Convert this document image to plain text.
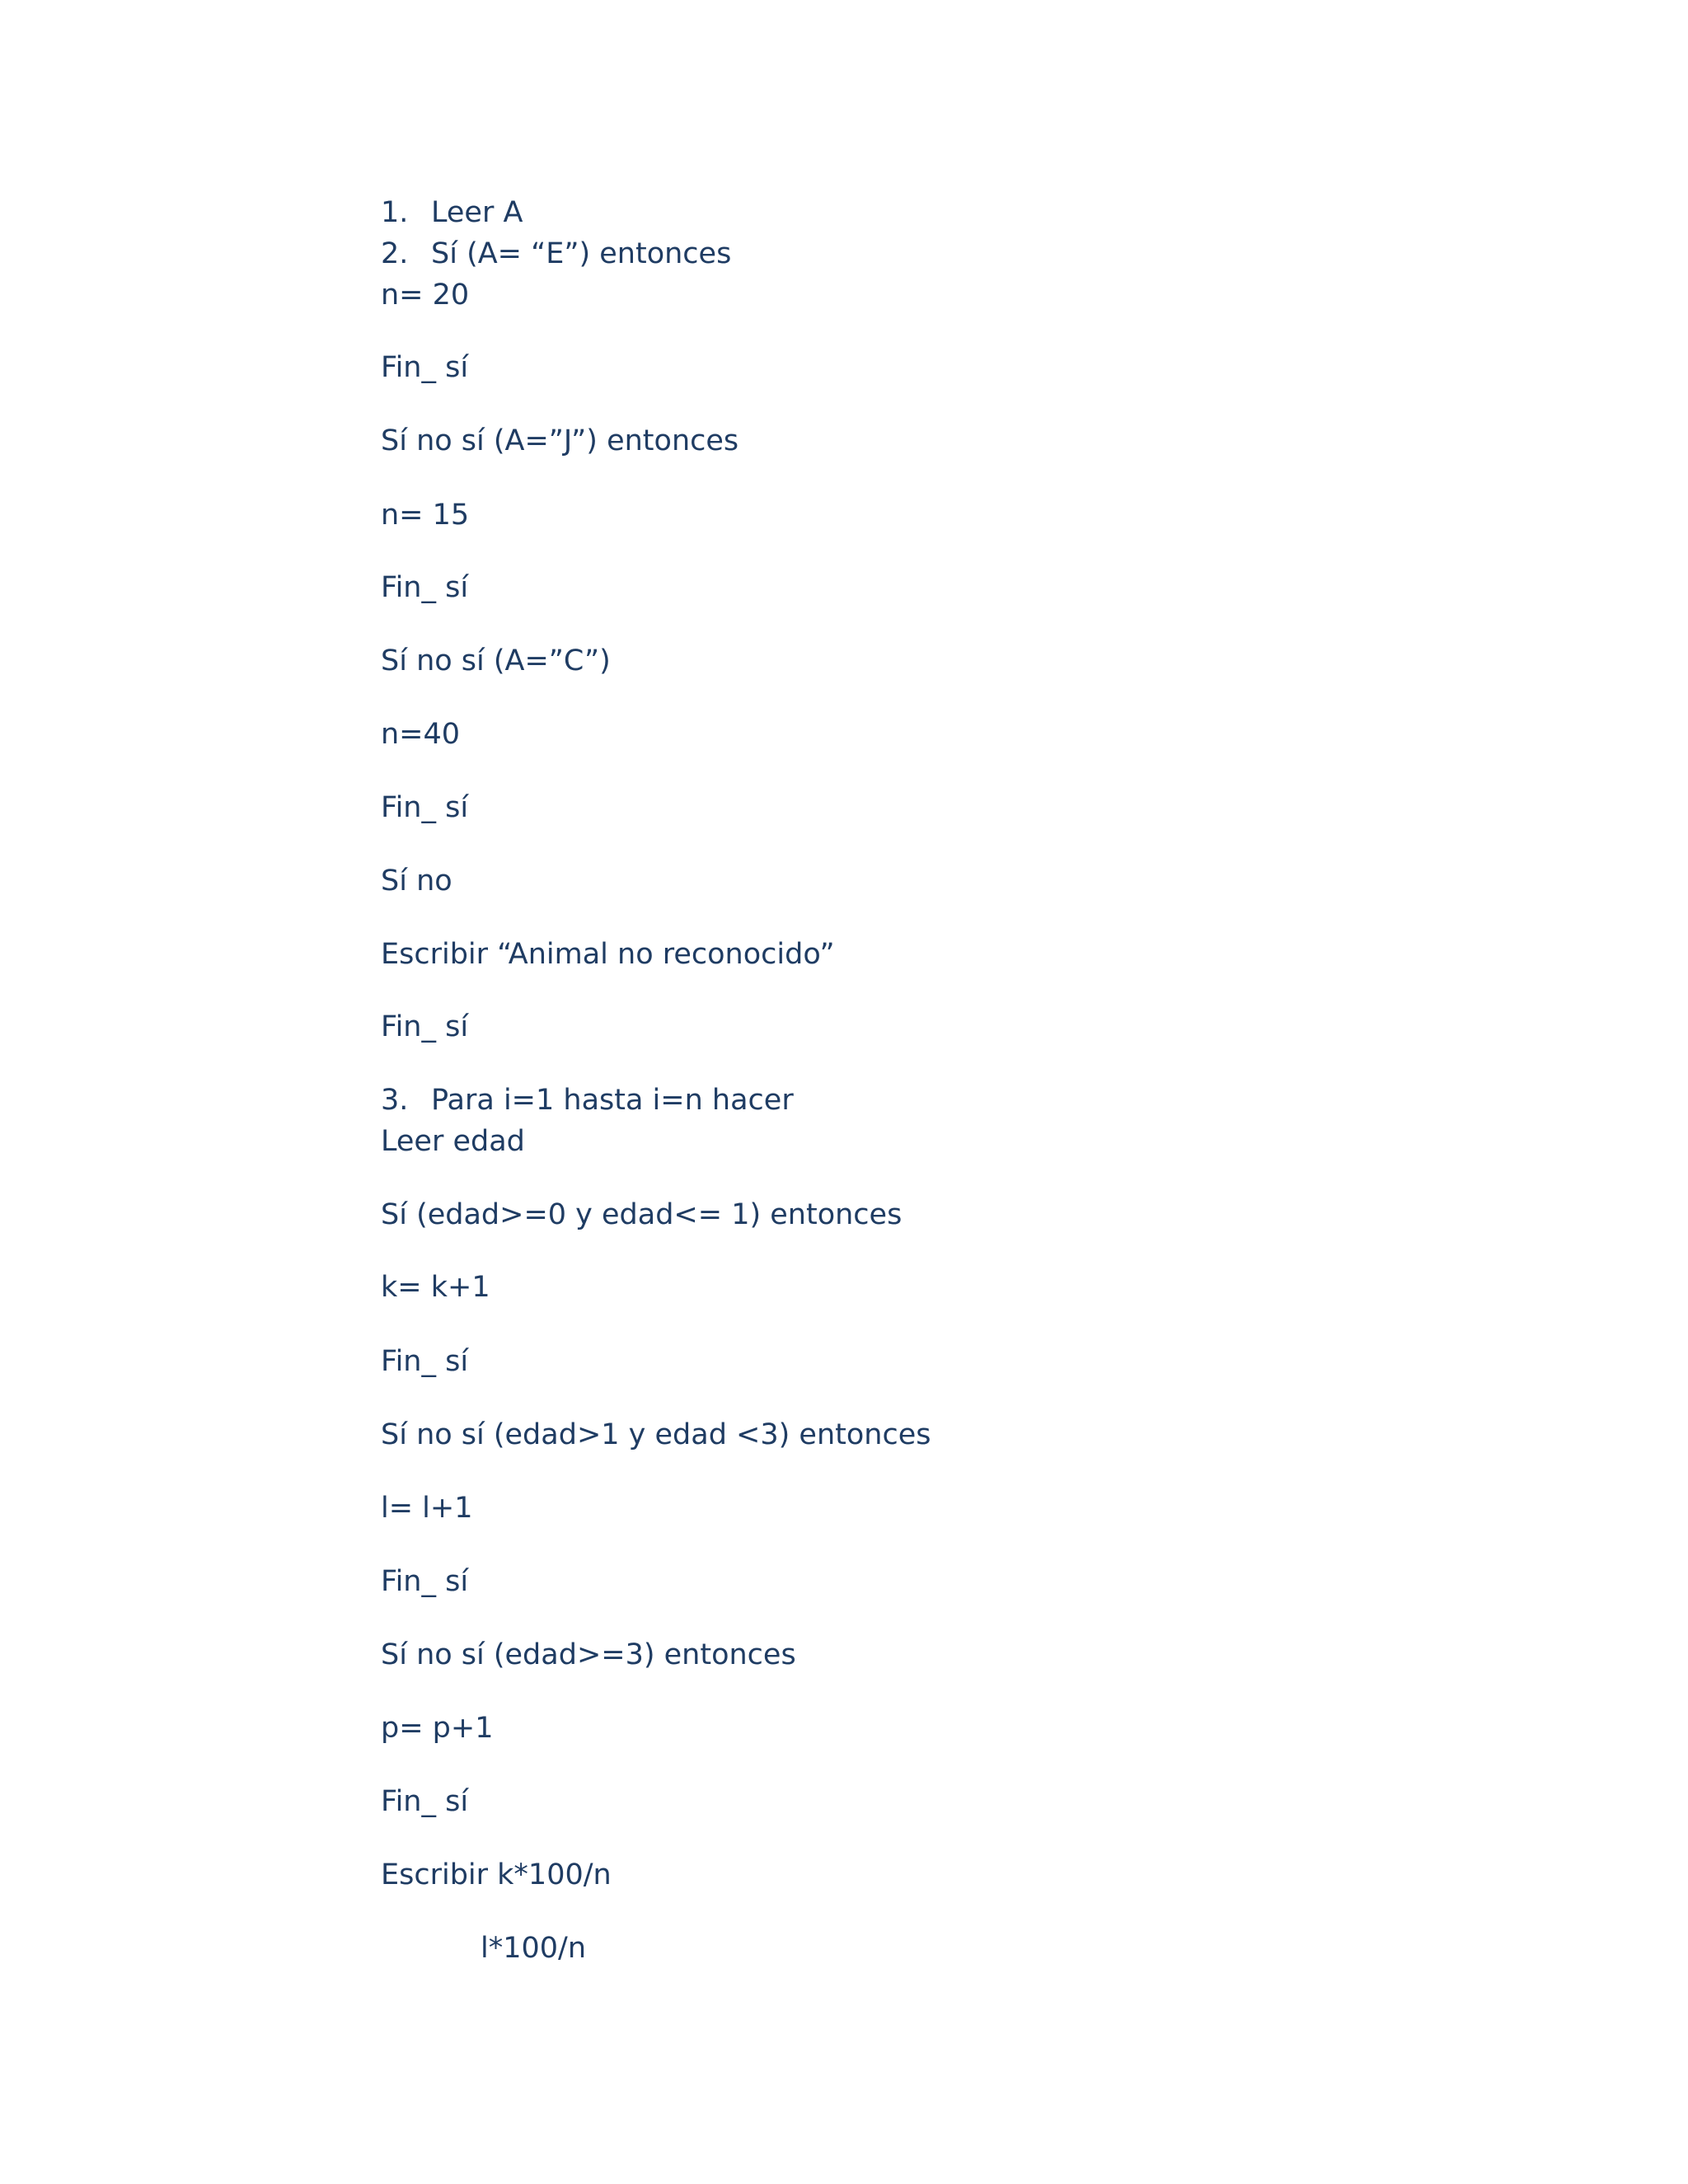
1. Leer A

2. Sí (A= “E”) entonces

n= 20

Fin_ sí

Sí no sí (A=”J”) entonces

n= 15

Fin_ sí

Sí no sí (A=”C”)

n=40

Fin_ sí

Sí no

Escribir “Animal no reconocido”

Fin_ sí

3. Para i=1 hasta i=n hacer

Leer edad

Sí (edad>=0 y edad<= 1) entonces

k= k+1

Fin_ sí

Sí no sí (edad>1 y edad <3) entonces

l= l+1

Fin_ sí

Sí no sí (edad>=3) entonces

p= p+1

Fin_ sí

Escribir k*100/n

l*100/n
